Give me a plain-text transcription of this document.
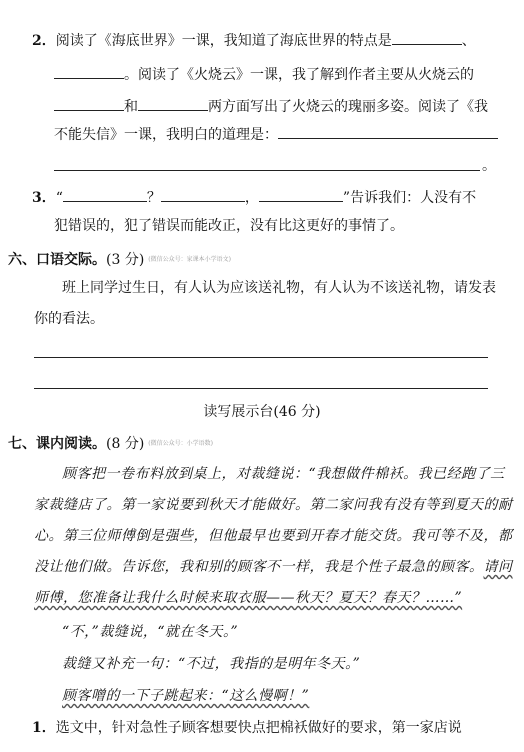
2．阅读了《海底世界》一课，我知道了海底世界的特点是	、
。阅读了《火烧云》一课，我了解到作者主要从火烧云的
和	两方面写出了火烧云的瑰丽多姿。阅读了《我
不能失信》一课，我明白的道理是：
。
3．“	？	，	”告诉我们：人没有不
犯错误的，犯了错误而能改正，没有比这更好的事情了。
六、口语交际。(3 分) (微信公众号：家课本小学语文)
班上同学过生日，有人认为应该送礼物，有人认为不该送礼物，请发表
你的看法。
读写展示台(46 分)
七、课内阅读。(8 分) (微信公众号：小学语数)
顾客把一卷布料放到桌上，对裁缝说：“我想做件棉袄。我已经跑了三
家裁缝店了。第一家说要到秋天才能做好。第二家问我有没有等到夏天的耐
心。第三位师傅倒是强些，但他最早也要到开春才能交货。我可等不及，都
没让他们做。告诉您，我和别的顾客不一样，我是个性子最急的顾客。请问
师傅，您准备让我什么时候来取衣服——秋天？夏天？春天？……”
“不，”裁缝说，“就在冬天。”
裁缝又补充一句：“不过，我指的是明年冬天。”
顾客噌的一下子跳起来：“这么慢啊！”
1．选文中，针对急性子顾客想要快点把棉袄做好的要求，第一家店说
